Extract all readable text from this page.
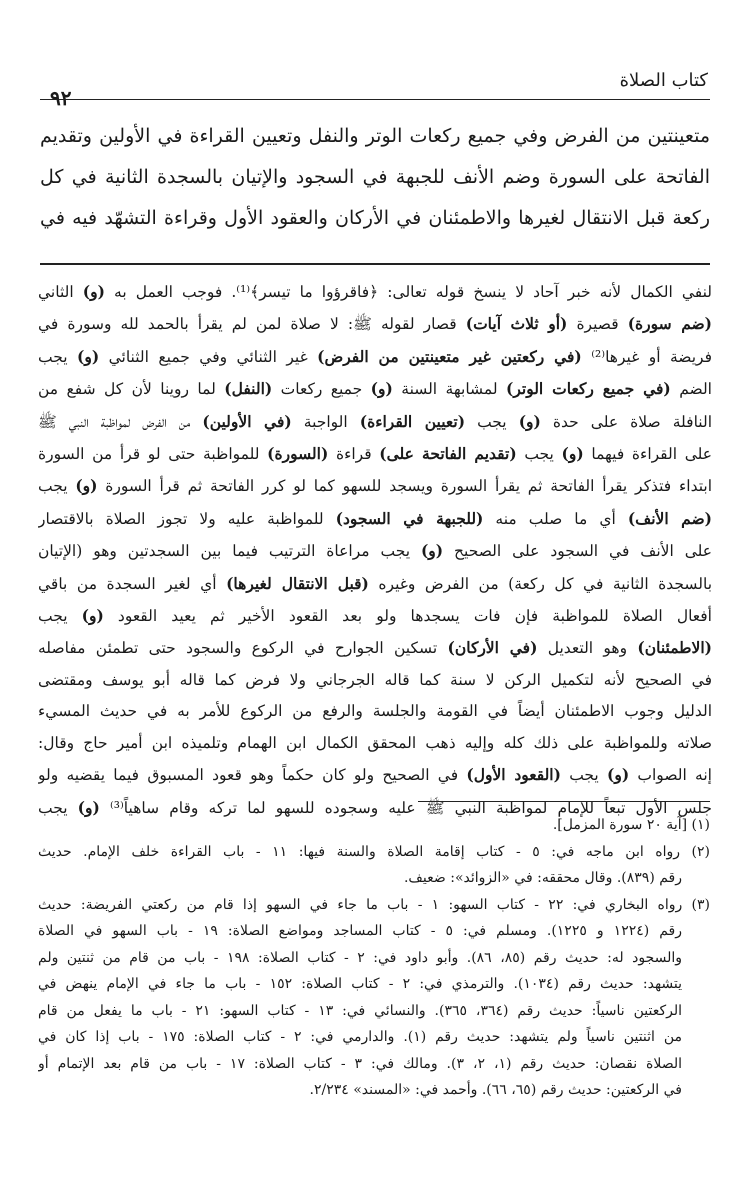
كتاب الصلاة
٩٢
متعينتين من الفرض وفي جميع ركعات الوتر والنفل وتعيين القراءة في الأولين وتقديم
الفاتحة على السورة وضم الأنف للجبهة في السجود والإتيان بالسجدة الثانية في كل
ركعة قبل الانتقال لغيرها والاطمئنان في الأركان والعقود الأول وقراءة التشهّد فيه في
لنفي الكمال لأنه خبر آحاد لا ينسخ قوله تعالى: ﴿فاقرؤوا ما تيسر﴾⁽¹⁾. فوجب العمل به (و) الثاني
(ضم سورة) قصيرة (أو ثلاث آيات) قصار لقوله ﷺ: لا صلاة لمن لم يقرأ بالحمد لله وسورة في
فريضة أو غيرها⁽²⁾ (في ركعتين غير متعينتين من الفرض) غير الثنائي وفي جميع الثنائي (و) يجب
الضم (في جميع ركعات الوتر) لمشابهة السنة (و) جميع ركعات (النفل) لما روينا لأن كل شفع من
النافلة صلاة على حدة (و) يجب (تعيين القراءة) الواجبة (في الأولين) من الفرض لمواظبة النبي ﷺ
على القراءة فيهما (و) يجب (تقديم الفاتحة على) قراءة (السورة) للمواظبة حتى لو قرأ من السورة
ابتداء فتذكر يقرأ الفاتحة ثم يقرأ السورة ويسجد للسهو كما لو كرر الفاتحة ثم قرأ السورة (و) يجب
(ضم الأنف) أي ما صلب منه (للجبهة في السجود) للمواظبة عليه ولا تجوز الصلاة بالاقتصار
على الأنف في السجود على الصحيح (و) يجب مراعاة الترتيب فيما بين السجدتين وهو (الإتيان
بالسجدة الثانية في كل ركعة) من الفرض وغيره (قبل الانتقال لغيرها) أي لغير السجدة من باقي
أفعال الصلاة للمواظبة فإن فات يسجدها ولو بعد القعود الأخير ثم يعيد القعود (و) يجب
(الاطمئنان) وهو التعديل (في الأركان) تسكين الجوارح في الركوع والسجود حتى تطمئن مفاصله
في الصحيح لأنه لتكميل الركن لا سنة كما قاله الجرجاني ولا فرض كما قاله أبو يوسف ومقتضى
الدليل وجوب الاطمئنان أيضاً في القومة والجلسة والرفع من الركوع للأمر به في حديث المسيء
صلاته وللمواظبة على ذلك كله وإليه ذهب المحقق الكمال ابن الهمام وتلميذه ابن أمير حاج وقال:
إنه الصواب (و) يجب (القعود الأول) في الصحيح ولو كان حكماً وهو قعود المسبوق فيما يقضيه ولو
جلس الأول تبعاً للإمام لمواظبة النبي ﷺ عليه وسجوده للسهو لما تركه وقام ساهياً⁽³⁾ (و) يجب
(١) [آية ٢٠ سورة المزمل].
(٢) رواه ابن ماجه في: ٥ - كتاب إقامة الصلاة والسنة فيها: ١١ - باب القراءة خلف الإمام. حديث
رقم (٨٣٩). وقال محققه: في «الزوائد»: ضعيف.
(٣) رواه البخاري في: ٢٢ - كتاب السهو: ١ - باب ما جاء في السهو إذا قام من ركعتي الفريضة: حديث
رقم (١٢٢٤ و ١٢٢٥). ومسلم في: ٥ - كتاب المساجد ومواضع الصلاة: ١٩ - باب السهو في الصلاة
والسجود له: حديث رقم (٨٥، ٨٦). وأبو داود في: ٢ - كتاب الصلاة: ١٩٨ - باب من قام من ثنتين ولم
يتشهد: حديث رقم (١٠٣٤). والترمذي في: ٢ - كتاب الصلاة: ١٥٢ - باب ما جاء في الإمام ينهض في
الركعتين ناسياً: حديث رقم (٣٦٤، ٣٦٥). والنسائي في: ١٣ - كتاب السهو: ٢١ - باب ما يفعل من قام
من اثنتين ناسياً ولم يتشهد: حديث رقم (١). والدارمي في: ٢ - كتاب الصلاة: ١٧٥ - باب إذا كان في
الصلاة نقصان: حديث رقم (١، ٢، ٣). ومالك في: ٣ - كتاب الصلاة: ١٧ - باب من قام بعد الإتمام أو
في الركعتين: حديث رقم (٦٥، ٦٦). وأحمد في: «المسند» ٢/٢٣٤.
